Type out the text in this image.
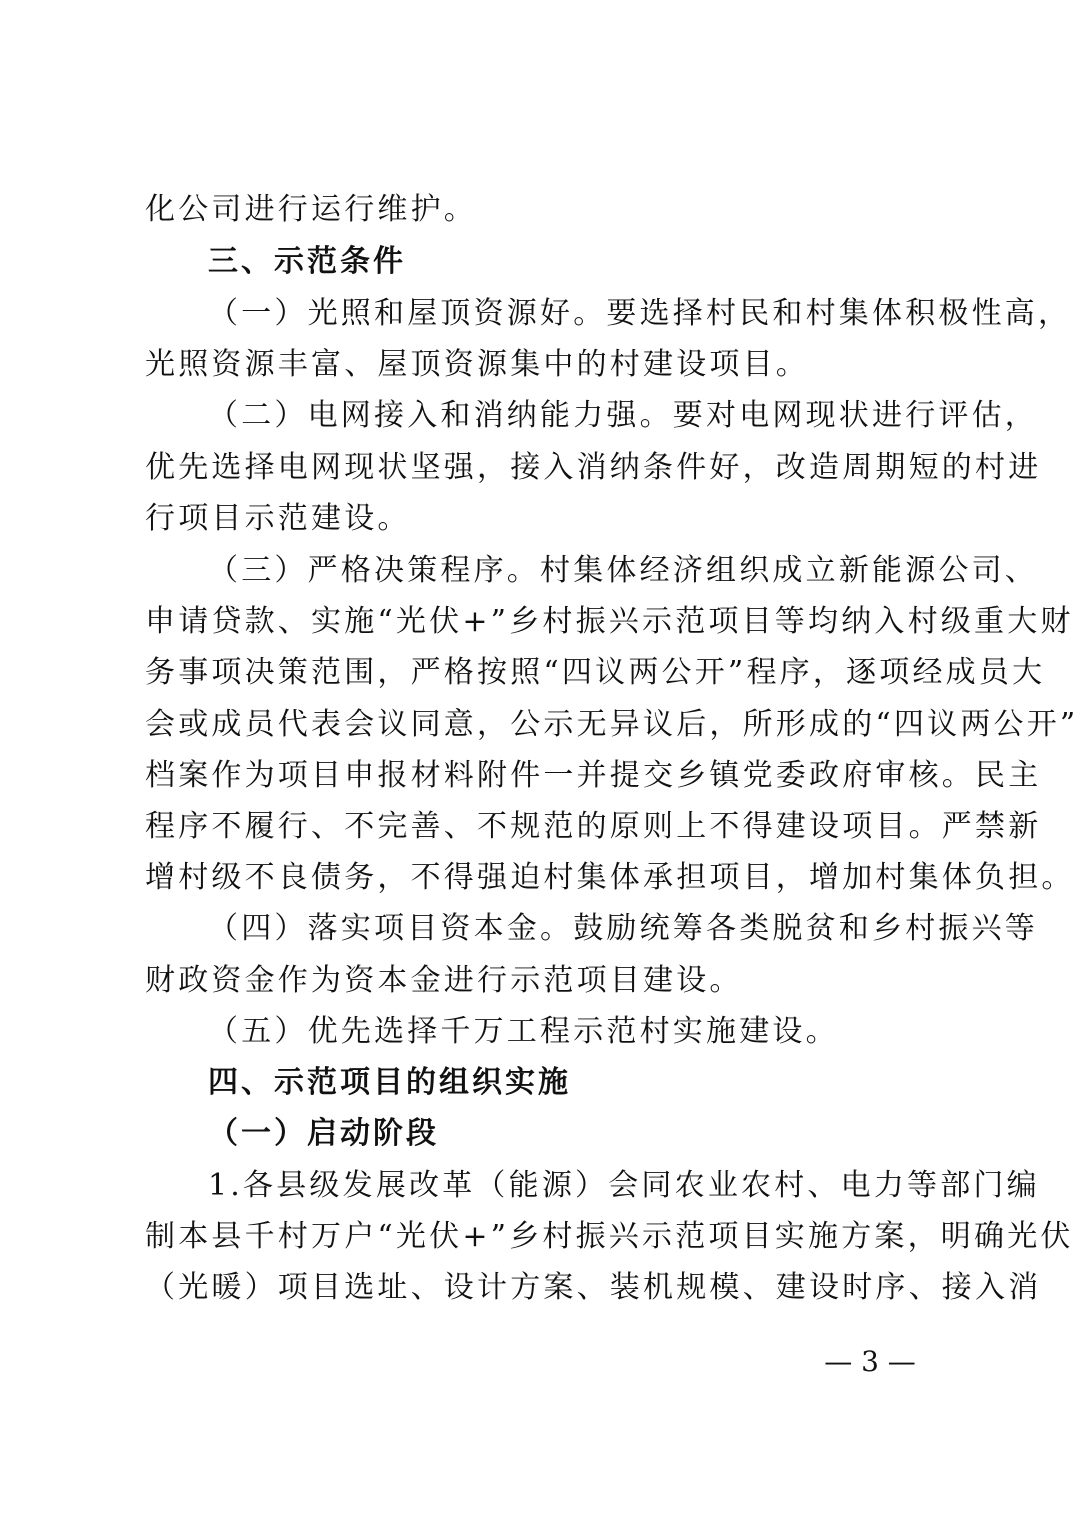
化公司进行运行维护。
三、示范条件
（一）光照和屋顶资源好。要选择村民和村集体积极性高，
光照资源丰富、屋顶资源集中的村建设项目。
（二）电网接入和消纳能力强。要对电网现状进行评估，
优先选择电网现状坚强，接入消纳条件好，改造周期短的村进
行项目示范建设。
（三）严格决策程序。村集体经济组织成立新能源公司、
申请贷款、实施“光伏+”乡村振兴示范项目等均纳入村级重大财
务事项决策范围，严格按照“四议两公开”程序，逐项经成员大
会或成员代表会议同意，公示无异议后，所形成的“四议两公开”
档案作为项目申报材料附件一并提交乡镇党委政府审核。民主
程序不履行、不完善、不规范的原则上不得建设项目。严禁新
增村级不良债务，不得强迫村集体承担项目，增加村集体负担。
（四）落实项目资本金。鼓励统筹各类脱贫和乡村振兴等
财政资金作为资本金进行示范项目建设。
（五）优先选择千万工程示范村实施建设。
四、示范项目的组织实施
（一）启动阶段
1.各县级发展改革（能源）会同农业农村、电力等部门编
制本县千村万户“光伏+”乡村振兴示范项目实施方案，明确光伏
（光暖）项目选址、设计方案、装机规模、建设时序、接入消
— 3 —
